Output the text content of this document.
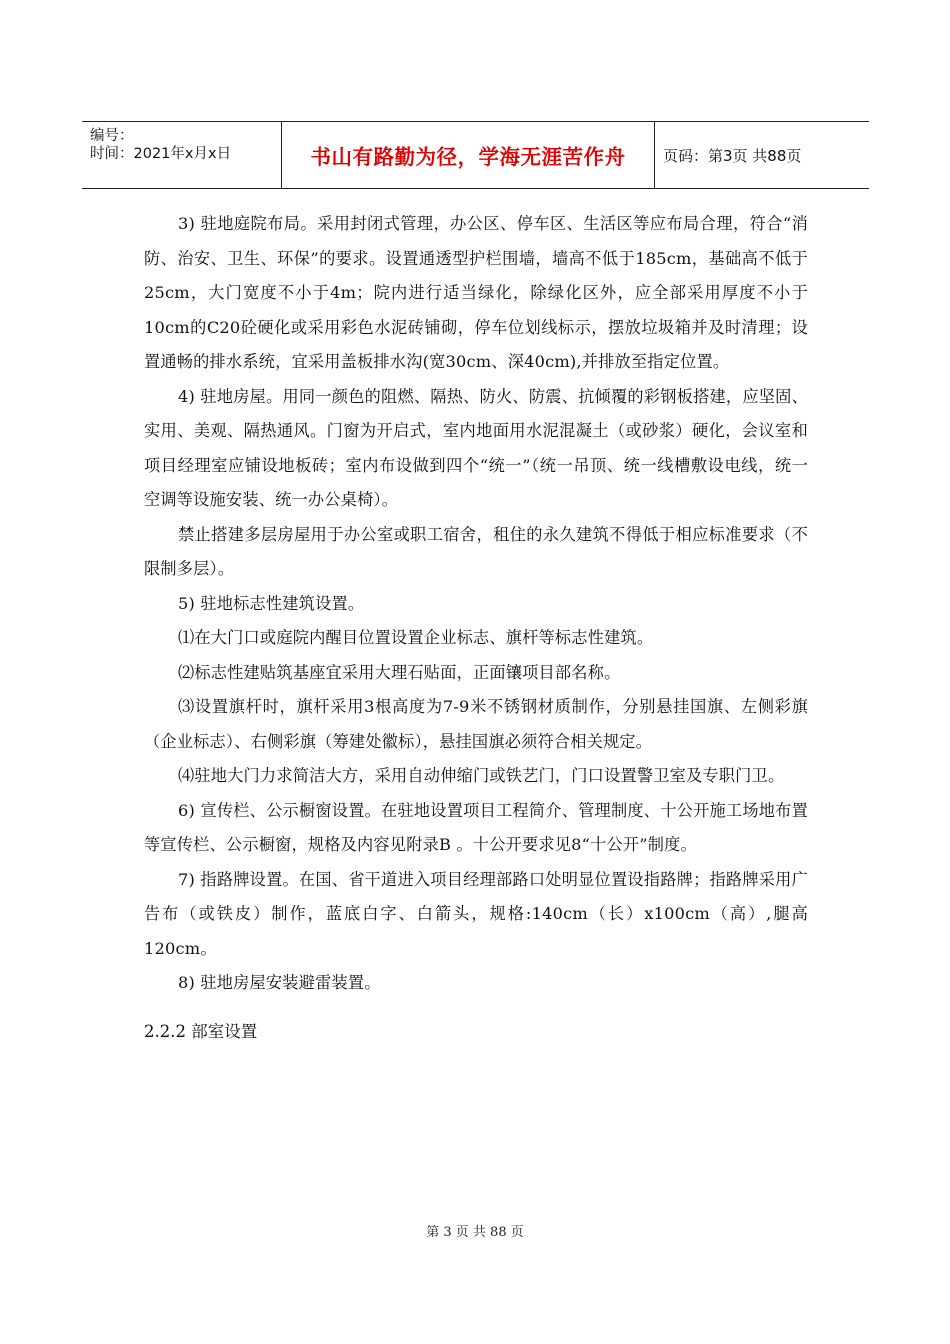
编号：
时间：2021年x月x日	书山有路勤为径，学海无涯苦作舟	页码：第3页 共88页

3) 驻地庭院布局。采用封闭式管理，办公区、停车区、生活区等应布局合理，符合“消防、治安、卫生、环保”的要求。设置通透型护栏围墙，墙高不低于185cm，基础高不低于25cm，大门宽度不小于4m；院内进行适当绿化，除绿化区外，应全部采用厚度不小于10cm的C20砼硬化或采用彩色水泥砖铺砌，停车位划线标示，摆放垃圾箱并及时清理；设置通畅的排水系统，宜采用盖板排水沟(宽30cm、深40cm),并排放至指定位置。

4) 驻地房屋。用同一颜色的阻燃、隔热、防火、防震、抗倾覆的彩钢板搭建，应坚固、实用、美观、隔热通风。门窗为开启式，室内地面用水泥混凝土（或砂浆）硬化，会议室和项目经理室应铺设地板砖；室内布设做到四个“统一”（统一吊顶、统一线槽敷设电线，统一空调等设施安装、统一办公桌椅）。

禁止搭建多层房屋用于办公室或职工宿舍，租住的永久建筑不得低于相应标准要求（不限制多层）。

5) 驻地标志性建筑设置。

⑴在大门口或庭院内醒目位置设置企业标志、旗杆等标志性建筑。

⑵标志性建贴筑基座宜采用大理石贴面，正面镶项目部名称。

⑶设置旗杆时，旗杆采用3根高度为7-9米不锈钢材质制作，分别悬挂国旗、左侧彩旗（企业标志）、右侧彩旗（筹建处徽标），悬挂国旗必须符合相关规定。

⑷驻地大门力求简洁大方，采用自动伸缩门或铁艺门，门口设置警卫室及专职门卫。

6) 宣传栏、公示橱窗设置。在驻地设置项目工程简介、管理制度、十公开施工场地布置等宣传栏、公示橱窗，规格及内容见附录B 。十公开要求见8“十公开”制度。

7) 指路牌设置。在国、省干道进入项目经理部路口处明显位置设指路牌；指路牌采用广告布（或铁皮）制作，蓝底白字、白箭头，规格:140cm（长）x100cm（高）,腿高120cm。

8) 驻地房屋安装避雷装置。

2.2.2 部室设置

第 3 页 共 88 页
